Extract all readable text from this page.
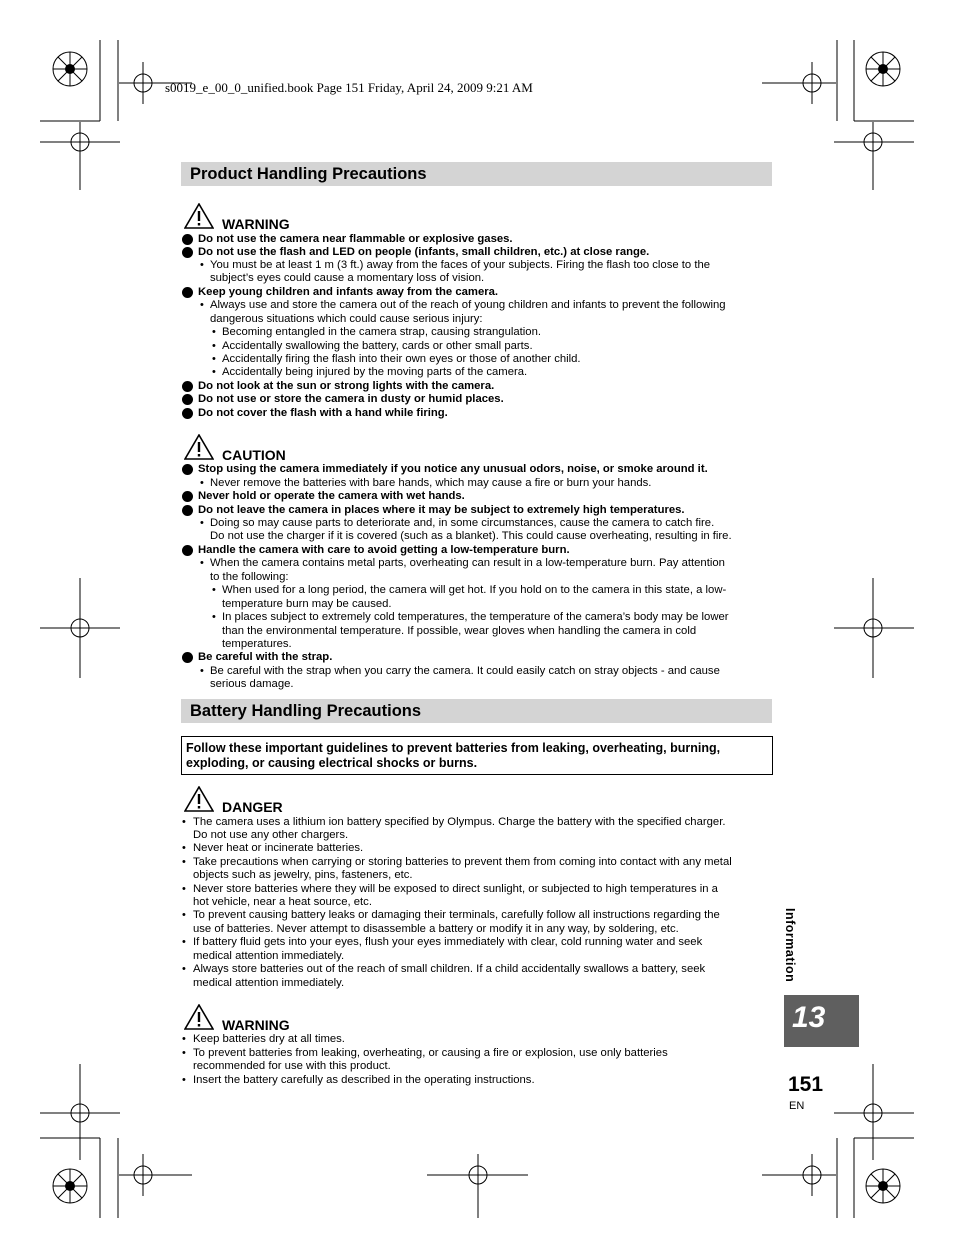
s0019_e_00_0_unified.book Page 151 Friday, April 24, 2009 9:21 AM
Product Handling Precautions
WARNING
Do not use the camera near flammable or explosive gases.
Do not use the flash and LED on people (infants, small children, etc.) at close range.
• You must be at least 1 m (3 ft.) away from the faces of your subjects. Firing the flash too close to the
subject’s eyes could cause a momentary loss of vision.
Keep young children and infants away from the camera.
• Always use and store the camera out of the reach of young children and infants to prevent the following
dangerous situations which could cause serious injury:
• Becoming entangled in the camera strap, causing strangulation.
• Accidentally swallowing the battery, cards or other small parts.
• Accidentally firing the flash into their own eyes or those of another child.
• Accidentally being injured by the moving parts of the camera.
Do not look at the sun or strong lights with the camera.
Do not use or store the camera in dusty or humid places.
Do not cover the flash with a hand while firing.
CAUTION
Stop using the camera immediately if you notice any unusual odors, noise, or smoke around it.
• Never remove the batteries with bare hands, which may cause a fire or burn your hands.
Never hold or operate the camera with wet hands.
Do not leave the camera in places where it may be subject to extremely high temperatures.
• Doing so may cause parts to deteriorate and, in some circumstances, cause the camera to catch fire.
Do not use the charger if it is covered (such as a blanket). This could cause overheating, resulting in fire.
Handle the camera with care to avoid getting a low-temperature burn.
• When the camera contains metal parts, overheating can result in a low-temperature burn. Pay attention
to the following:
• When used for a long period, the camera will get hot. If you hold on to the camera in this state, a low-
temperature burn may be caused.
• In places subject to extremely cold temperatures, the temperature of the camera’s body may be lower
than the environmental temperature. If possible, wear gloves when handling the camera in cold
temperatures.
Be careful with the strap.
• Be careful with the strap when you carry the camera. It could easily catch on stray objects - and cause
serious damage.
Battery Handling Precautions
Follow these important guidelines to prevent batteries from leaking, overheating, burning,
exploding, or causing electrical shocks or burns.
DANGER
• The camera uses a lithium ion battery specified by Olympus. Charge the battery with the specified charger.
Do not use any other chargers.
• Never heat or incinerate batteries.
• Take precautions when carrying or storing batteries to prevent them from coming into contact with any metal
objects such as jewelry, pins, fasteners, etc.
• Never store batteries where they will be exposed to direct sunlight, or subjected to high temperatures in a
hot vehicle, near a heat source, etc.
• To prevent causing battery leaks or damaging their terminals, carefully follow all instructions regarding the
use of batteries. Never attempt to disassemble a battery or modify it in any way, by soldering, etc.
• If battery fluid gets into your eyes, flush your eyes immediately with clear, cold running water and seek
medical attention immediately.
• Always store batteries out of the reach of small children. If a child accidentally swallows a battery, seek
medical attention immediately.
WARNING
• Keep batteries dry at all times.
• To prevent batteries from leaking, overheating, or causing a fire or explosion, use only batteries
recommended for use with this product.
• Insert the battery carefully as described in the operating instructions.
Information
13
151
EN
